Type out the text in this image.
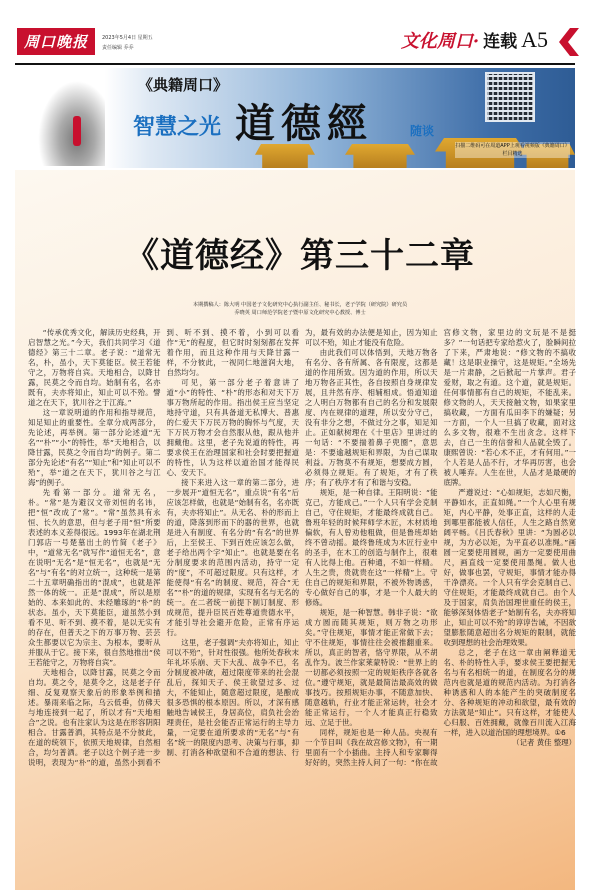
周口晚报	2023年5月4日 星期五
责任编辑 乔乔	文化周口· 连载 A5
《典籍周口》
智慧之光 道德經	随谈
扫描二维码可在周道APP上观看视频版《典籍周口》栏目精选
《道德经》第三十二章
本期撰稿人：陈大明 中国老子文化研究中心执行副主任、秘书长，老子学院（研究院）研究员
乔晓英 周口师范学院老子暨中原文化研究中心教授、博士

“传承优秀文化，解读历史经典，开启智慧之光。”今天，我们共同学习《道德经》第三十二章。老子说：“道常无名，朴，虽小，天下莫能臣。侯王若能守之，万物将自宾。天地相合，以降甘露，民莫之令而自均。始制有名，名亦既有，夫亦将知止，知止可以不殆。譬道之在天下，犹川谷之于江海。”

这一章说明道的作用和指导规范，知足知止的重要性。全章分成两部分，先论述，再举例。第一部分论述道“无名”“朴”“小”的特性，举“天地相合，以降甘露，民莫之令而自均”的例子。第二部分先论述“有名”“知止”和“知止可以不殆”，举“道之在天下，犹川谷之与江海”的例子。

先看第一部分。道常无名，朴。“常”是为避汉文帝刘恒的名讳，把“恒”改成了“常”。“常”虽然具有永恒、长久的意思，但与老子用“恒”所要表述的本义差得很远。1993年在湖北荆门郭店一号楚墓出土的竹简《老子》中，“道常无名”就写作“道恒无名”，意在说明“无名”是“恒无名”，也就是“无名”与“有名”的对立统一，这种统一是第二十五章明确指出的“混成”，也就是浑然一体的统一。正是“混成”，所以是原始的、本来如此的、未经雕琢的“朴”的状态。虽小，天下莫能臣，道虽然小到看不见、听不到、摸不着，是以无实有的存在，但普天之下的万事万物、芸芸众生都要以它为宗主、为根本，要听从并服从于它。接下来，很自然地推出“侯王若能守之，万物将自宾”。

天地相合，以降甘露，民莫之令而自均。莫之令，是莫令之，这是老子仔细、反复观察天象后的形象举例和描述。暴雨来临之际，乌云低垂，仿佛天与地连接到一起了，所以才有“天地相合”之说。也有注家认为这是在形容阴阳相合。甘露普洒，其特点是不分彼此，在道的统领下，依照天地规律，自然相合，均匀普洒。老子以这个例子进一步说明，表现为“朴”的道，虽然小到看不到、听不到、摸不着，小到可以看作“无”的程度，但它时时刻刻都在发挥着作用，而且这种作用与天降甘露一样，不分彼此，一视同仁地滋润大地，自然均匀。

可见，第一部分老子着意讲了道“小”的特性、“朴”的形态和对天下万事万物所起的作用。指出侯王应当坚定地持守道，只有具备道无私博大、普惠的仁爱天下万民万物的胸怀与气度，天下万民万物才会自然服从他，跟从他并拥戴他。这里，老子先说道的特性，再要求侯王在治理国家和社会时要把握道的特性，认为这样以道治国才能得民心、安天下。

接下来进入这一章的第二部分，进一步展开“道恒无名”，重点说“有名”后应该怎样做，也就是“始制有名，名亦既有，夫亦将知止”。从无名、朴的形而上的道，降落到形而下的器的世界，也就是进入有制度、有名分的“有名”的世界后，上至侯王、下到百姓应该怎么做，老子给出两个字“知止”。也就是要在名分制度要求的范围内活动，持守一定的“度”，不可超过限度。只有这样，才能使得“有名”的制度、规范，符合“无名”“朴”的道的规律，实现有名与无名的统一。在二者统一前提下制订制度、形成规范，提升臣民百姓尊道贵德水平，才能引导社会避开危险，正常有序运行。

这里，老子强调“夫亦将知止，知止可以不殆”，针对性很强。他所处春秋末年礼坏乐崩、天下大乱、战争不已，名分制度被冲破，超过限度带来的社会混乱后，探知天子、侯王欲望过多、过大，不能知止，随意超过限度，是酿成很多恐惧的根本原因。所以，才深有感触地告诫侯王，身居高位，肩负社会治理责任，是社会能否正常运行的主导力量，一定要在道所要求的“无名”与“有名”统一的限度内思考、决策与行事，抑制、打消各种欲望和不合道的想法、行为，最有效的办法便是知止，因为知止可以不殆，知止才能没有危险。

由此我们可以体悟到，天地万物各有名分、各有所属、各有限度，这都是道的作用所致。因为道的作用，所以天地万物各正其性，各自按照自身规律发展，且井然有序、相辅相成。悟道知道之人明白万物都有自己的名分和发展限度、内在规律的道理，所以安分守己，没有非分之想，不做过分之事，知足知止。正如献树理在《十里店》里讲过的一句话：“不要揣着鼻子兜圈”，意思是：不要逾越规矩和界限，为自己谋取利益。万物莫不有规矩，想要成方圆，必须得立规矩。有了规矩，才有了秩序；有了秩序才有了和谐与安稳。

规矩，是一种自律。王阳明说：“能克己，方能成己。”一个人只有学会克制自己，守住规矩，才能最终成就自己。鲁班年轻的时候拜师学木匠，木材质地偏软，有人曾劝他粗做，但是鲁班却始终不曾动摇。最终鲁班成为木匠行业中的圣手，在木工的创造与制作上，很难有人比得上他。百种通，不如一样精。人生之贵，贵就贵在这“一样精”上。守住自己的规矩和界限，不被外物诱惑，专心做好自己的事，才是一个人最大的修炼。

规矩，是一种智慧。韩非子说：“欲成方圆而随其规矩，则万物之功形矣。”守住规矩，事情才能正常做下去；守不住规矩，事情往往会被推翻重来。所以，真正的智者，恪守界限，从不胡乱作为。波兰作家莱蒙特说：“世界上的一切都必须按照一定的规矩秩序各就各位。”遵守规矩，就是最简洁最高效的做事技巧。按照规矩办事，不随意加快、随意越轨，行业才能正常运转，社会才能正常运行，一个人才能真正行稳致远、立足于世。

同样，规矩也是一种人品。央视有一个节目叫《我在故宫修文物》，有一期里面有一个小插曲。主持人和专家聊得好好的，突然主持人问了一句：“你在故宫修文物，家里边的文玩是不是挺多？”一句话把专家给惹火了，脸瞬间拉了下来，严肃地说：“修文物的不搞收藏！这是职业操守，这是规矩。”全场先是一片肃静，之后掀起一片掌声。君子爱财，取之有道。这个道，就是规矩。任何事情都有自己的规矩，不能乱来。修文物的人，天天接触文物，如果家里搞收藏，一方面有瓜田李下的嫌疑；另一方面，一个人一旦搞了收藏，面对这么多文物，很难不生出贪念。这样下去，自己一生的信誉和人品就全毁了。康熙曾说：“若心术不正，才有何用。”一个人若是人品不行，才华再厉害，也会被人唾弃。人生在世，人品才是最硬的底牌。

严遵说过：“心如规矩，志如尺衡，平静如水，正直如绳。”一个人心里有规矩，内心平静，处事正直，这样的人走到哪里都能被人信任，人生之路自然宽阔平畅。《吕氏春秋》里讲：“为圆必以规，为方必以矩，为平直必以准绳。”画圆一定要使用圆规，画方一定要使用曲尺，画直线一定要使用墨绳。做人也好，做事也罢，守规矩，事情才能办得干净漂亮。一个人只有学会克制自己、守住规矩，才能最终成就自己。由个人及于国家，肩负治国理世重任的侯王，能够深刻体悟老子“始制有名，夫亦将知止，知止可以不殆”的谆谆告诫，不因欲望膨胀随意超出名分规矩的限制，就能收到理想的社会治理效果。

总之，老子在这一章由阐释道无名、朴的特性入手，要求侯王要把握无名与有名相统一的道，在制度名分的规范内也就是道的规范内活动。为打消各种诱惑和人的本能产生的突破制度名分、各种规矩的冲动和欲望，最有效的方法就是“知止”。只有这样，才能使人心归服、百姓拥戴，就像百川流入江海一样，进入以道治国的理想境界。①6

（记者 黄佳 整理）
